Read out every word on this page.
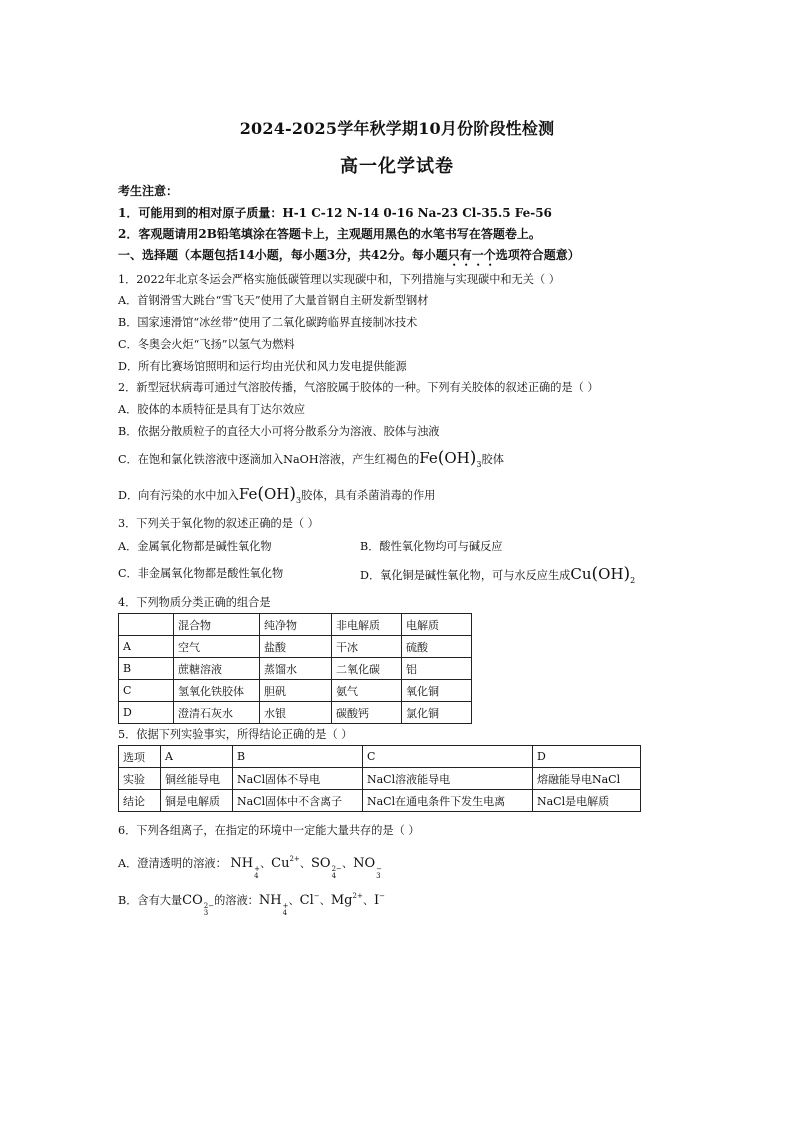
2024-2025学年秋学期10月份阶段性检测
高一化学试卷
考生注意：
1．可能用到的相对原子质量：H-1 C-12 N-14 0-16 Na-23 Cl-35.5 Fe-56
2．客观题请用2B铅笔填涂在答题卡上，主观题用黑色的水笔书写在答题卷上。
一、选择题（本题包括14小题，每小题3分，共42分。每小题只有一个选项符合题意）
1．2022年北京冬运会严格实施低碳管理以实现碳中和，下列措施与实现碳中和无关（ ）
A．首钢滑雪大跳台“雪飞天”使用了大量首钢自主研发新型钢材
B．国家速滑馆“冰丝带”使用了二氧化碳跨临界直接制冰技术
C．冬奥会火炬“飞扬”以氢气为燃料
D．所有比赛场馆照明和运行均由光伏和风力发电提供能源
2．新型冠状病毒可通过气溶胶传播，气溶胶属于胶体的一种。下列有关胶体的叙述正确的是（ ）
A．胶体的本质特征是具有丁达尔效应
B．依据分散质粒子的直径大小可将分散系分为溶液、胶体与浊液
C．在饱和氯化铁溶液中逐滴加入NaOH溶液，产生红褐色的$Fe(OH)_3$胶体
D．向有污染的水中加入$Fe(OH)_3$胶体，具有杀菌消毒的作用
3．下列关于氧化物的叙述正确的是（ ）
A．金属氧化物都是碱性氧化物	B．酸性氧化物均可与碱反应
C．非金属氧化物都是酸性氧化物	D．氧化铜是碱性氧化物，可与水反应生成$Cu(OH)_2$
4．下列物质分类正确的组合是
	混合物	纯净物	非电解质	电解质
A	空气	盐酸	干冰	硫酸
B	蔗糖溶液	蒸馏水	二氧化碳	铝
C	氢氧化铁胶体	胆矾	氨气	氧化铜
D	澄清石灰水	水银	碳酸钙	氯化铜
5．依据下列实验事实，所得结论正确的是（ ）
选项	A	B	C	D
实验	铜丝能导电	NaCl固体不导电	NaCl溶液能导电	熔融能导电NaCl
结论	铜是电解质	NaCl固体中不含离子	NaCl在通电条件下发生电离	NaCl是电解质
6．下列各组离子，在指定的环境中一定能大量共存的是（ ）
A．澄清透明的溶液： NH +
4
、$Cu^{2+}$、SO 2−
4
、NO −
3
B．含有大量CO 2−
3
的溶液：NH +
4
、Cl−、$Mg^{2+}$、I−
